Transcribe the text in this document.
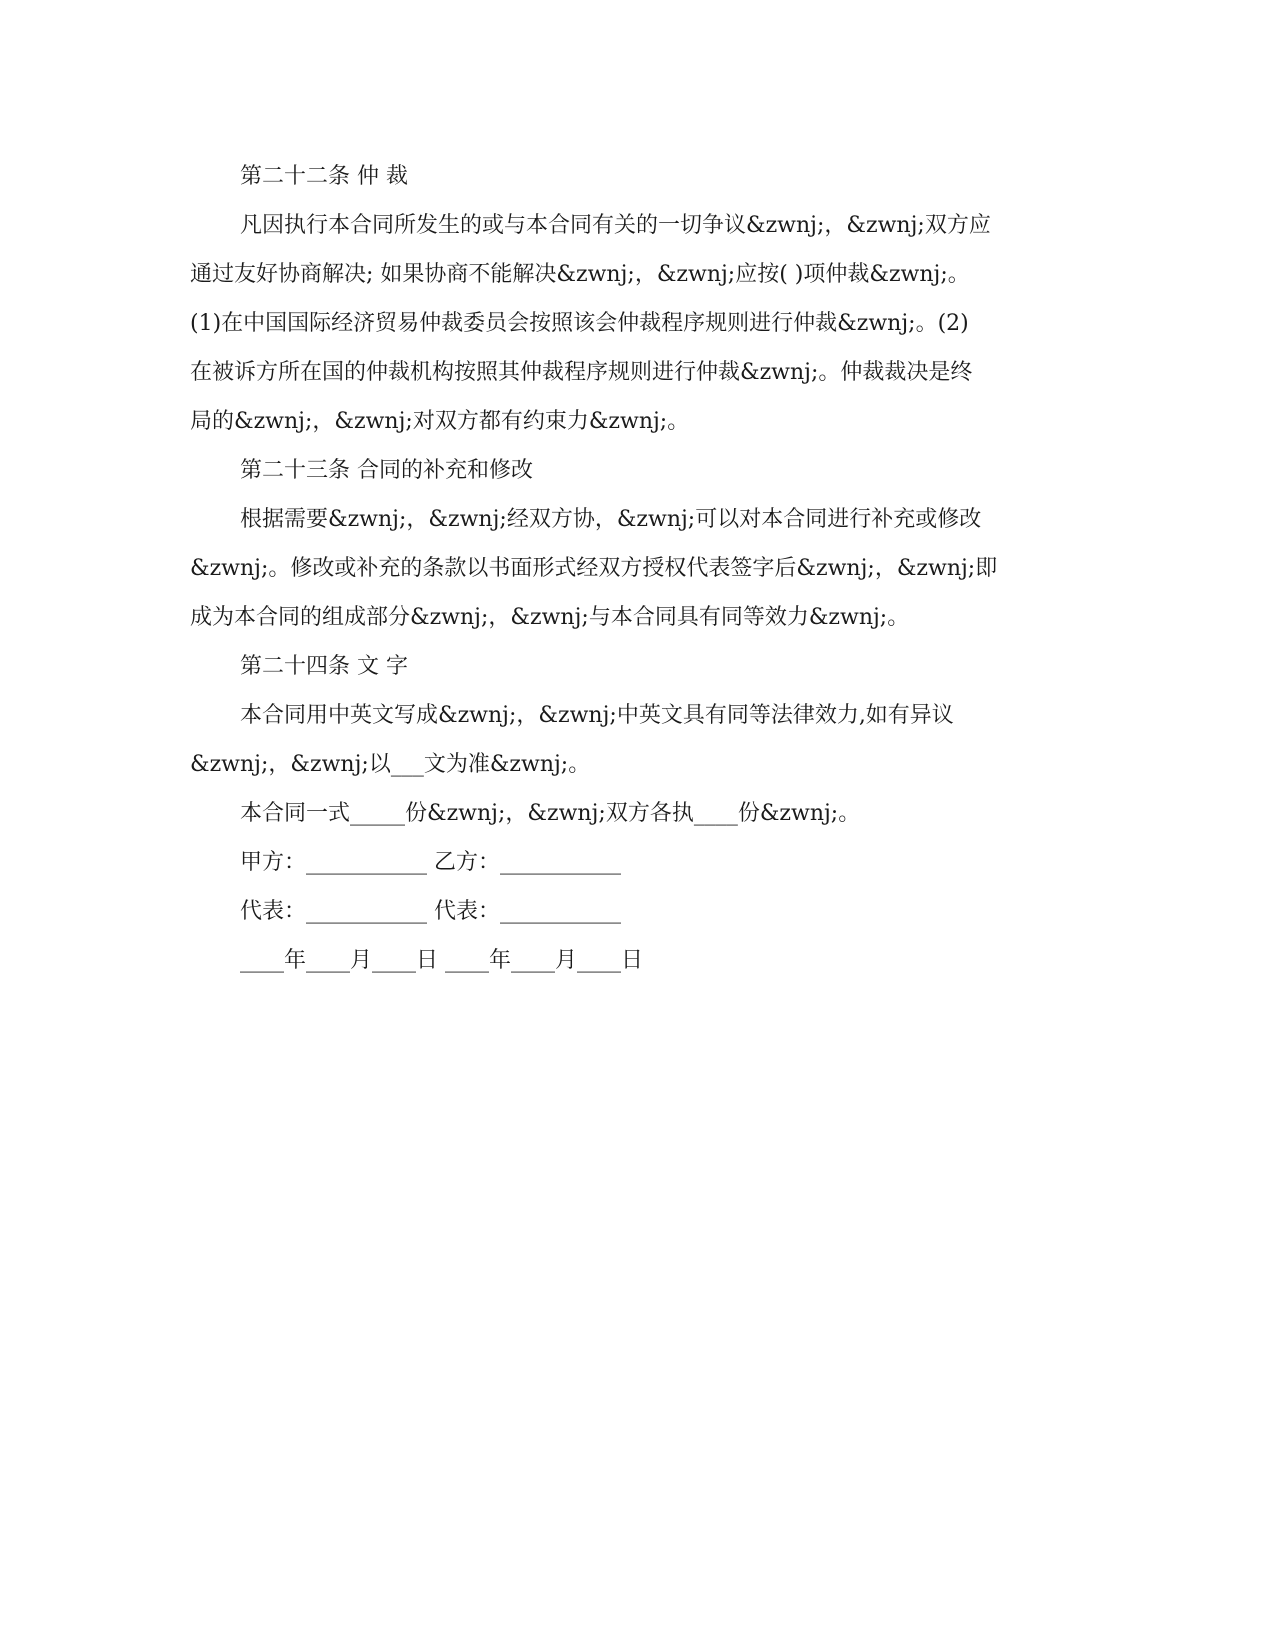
第二十二条 仲 裁
凡因执行本合同所发生的或与本合同有关的一切争议&zwnj;，&zwnj;双方应
通过友好协商解决; 如果协商不能解决&zwnj;，&zwnj;应按( )项仲裁&zwnj;。
(1)在中国国际经济贸易仲裁委员会按照该会仲裁程序规则进行仲裁&zwnj;。(2)
在被诉方所在国的仲裁机构按照其仲裁程序规则进行仲裁&zwnj;。仲裁裁决是终
局的&zwnj;，&zwnj;对双方都有约束力&zwnj;。
第二十三条 合同的补充和修改
根据需要&zwnj;，&zwnj;经双方协，&zwnj;可以对本合同进行补充或修改
&zwnj;。修改或补充的条款以书面形式经双方授权代表签字后&zwnj;，&zwnj;即
成为本合同的组成部分&zwnj;，&zwnj;与本合同具有同等效力&zwnj;。
第二十四条 文 字
本合同用中英文写成&zwnj;，&zwnj;中英文具有同等法律效力,如有异议
&zwnj;，&zwnj;以___文为准&zwnj;。
本合同一式_____份&zwnj;，&zwnj;双方各执____份&zwnj;。
甲方：___________ 乙方：___________
代表：___________ 代表：___________
____年____月____日 ____年____月____日
